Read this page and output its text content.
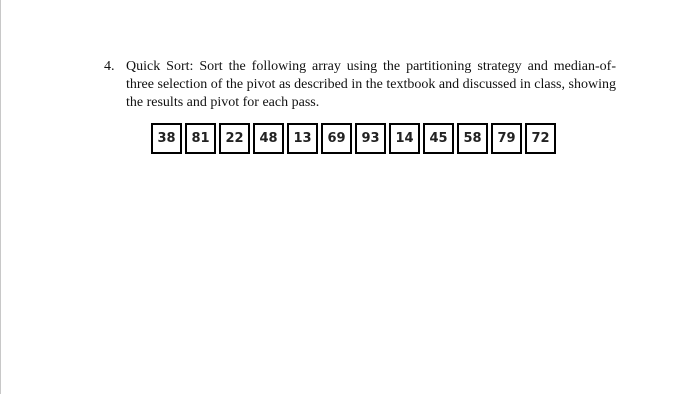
4. Quick Sort: Sort the following array using the partitioning strategy and median-of-three selection of the pivot as described in the textbook and discussed in class, showing the results and pivot for each pass.
38	81	22	48	13	69	93	14	45	58	79	72
